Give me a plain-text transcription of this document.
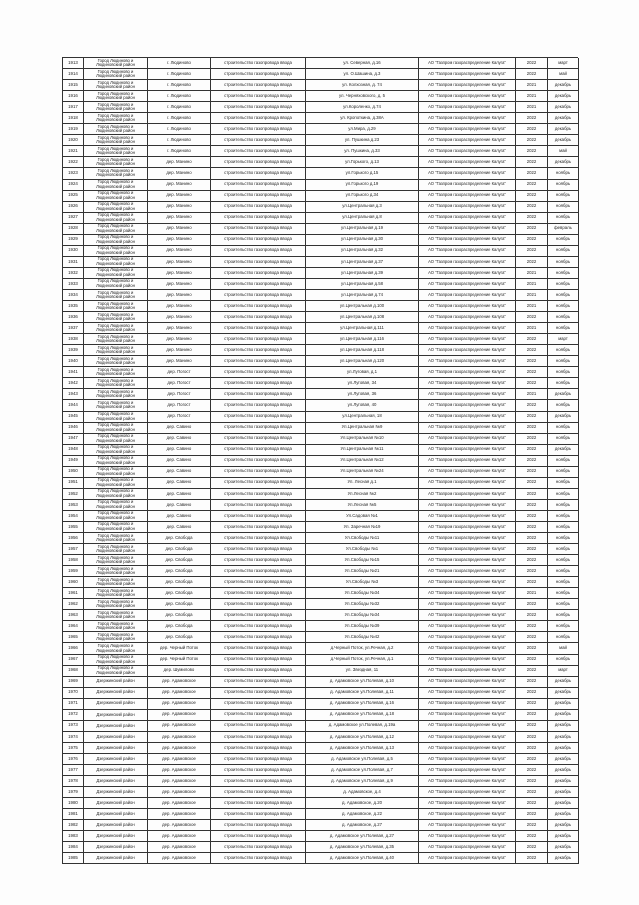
1913	Город Людиново и Людиновский район	г. Людиново	строительство газопровода ввода	ул. Северная, д.16	АО "Газпром газораспределение Калуга"	2022	март
1914	Город Людиново и Людиновский район	г. Людиново	строительство газопровода ввода	ул. О.Шашина, д.3	АО "Газпром газораспределение Калуга"	2022	май
1915	Город Людиново и Людиновский район	г. Людиново	строительство газопровода ввода	ул. Колхозная, д. 74	АО "Газпром газораспределение Калуга"	2021	декабрь
1916	Город Людиново и Людиновский район	г. Людиново	строительство газопровода ввода	ул. Черняховского, д. 5	АО "Газпром газораспределение Калуга"	2021	декабрь
1917	Город Людиново и Людиновский район	г. Людиново	строительство газопровода ввода	ул.Короленко, д.74	АО "Газпром газораспределение Калуга"	2021	декабрь
1918	Город Людиново и Людиновский район	г. Людиново	строительство газопровода ввода	ул. Кропоткина, д.38А	АО "Газпром газораспределение Калуга"	2022	декабрь
1919	Город Людиново и Людиновский район	г. Людиново	строительство газопровода ввода	ул.Мира, д.29	АО "Газпром газораспределение Калуга"	2022	декабрь
1920	Город Людиново и Людиновский район	г. Людиново	строительство газопровода ввода	ул. Пушкина д.23	АО "Газпром газораспределение Калуга"	2022	декабрь
1921	Город Людиново и Людиновский район	г. Людиново	строительство газопровода ввода	ул. Пушкина, д.33	АО "Газпром газораспределение Калуга"	2022	май
1922	Город Людиново и Людиновский район	дер. Манино	строительство газопровода ввода	ул.Горького, д.13	АО "Газпром газораспределение Калуга"	2022	декабрь
1923	Город Людиново и Людиновский район	дер. Манино	строительство газопровода ввода	ул.Горького д.15	АО "Газпром газораспределение Калуга"	2022	ноябрь
1924	Город Людиново и Людиновский район	дер. Манино	строительство газопровода ввода	ул.Горького д.19	АО "Газпром газораспределение Калуга"	2022	ноябрь
1925	Город Людиново и Людиновский район	дер. Манино	строительство газопровода ввода	ул.Горького д.34	АО "Газпром газораспределение Калуга"	2022	ноябрь
1926	Город Людиново и Людиновский район	дер. Манино	строительство газопровода ввода	ул.Центральная д.3	АО "Газпром газораспределение Калуга"	2022	ноябрь
1927	Город Людиново и Людиновский район	дер. Манино	строительство газопровода ввода	ул.Центральная д.8	АО "Газпром газораспределение Калуга"	2022	ноябрь
1928	Город Людиново и Людиновский район	дер. Манино	строительство газопровода ввода	ул.Центральная д.19	АО "Газпром газораспределение Калуга"	2022	февраль
1929	Город Людиново и Людиновский район	дер. Манино	строительство газопровода ввода	ул.Центральная д.30	АО "Газпром газораспределение Калуга"	2022	ноябрь
1930	Город Людиново и Людиновский район	дер. Манино	строительство газопровода ввода	ул.Центральная д.32	АО "Газпром газораспределение Калуга"	2022	ноябрь
1931	Город Людиново и Людиновский район	дер. Манино	строительство газопровода ввода	ул.Центральная д.37	АО "Газпром газораспределение Калуга"	2022	ноябрь
1932	Город Людиново и Людиновский район	дер. Манино	строительство газопровода ввода	ул.Центральная д.39	АО "Газпром газораспределение Калуга"	2021	ноябрь
1933	Город Людиново и Людиновский район	дер. Манино	строительство газопровода ввода	ул.Центральная д.58	АО "Газпром газораспределение Калуга"	2021	ноябрь
1934	Город Людиново и Людиновский район	дер. Манино	строительство газопровода ввода	ул.Центральная д.74	АО "Газпром газораспределение Калуга"	2021	ноябрь
1935	Город Людиново и Людиновский район	дер. Манино	строительство газопровода ввода	ул.Центральная д.100	АО "Газпром газораспределение Калуга"	2021	ноябрь
1936	Город Людиново и Людиновский район	дер. Манино	строительство газопровода ввода	ул.Центральная д.108	АО "Газпром газораспределение Калуга"	2022	ноябрь
1937	Город Людиново и Людиновский район	дер. Манино	строительство газопровода ввода	ул.Центральная д.111	АО "Газпром газораспределение Калуга"	2021	ноябрь
1938	Город Людиново и Людиновский район	дер. Манино	строительство газопровода ввода	ул.Центральная д.116	АО "Газпром газораспределение Калуга"	2022	март
1939	Город Людиново и Людиновский район	дер. Манино	строительство газопровода ввода	ул.Центральная д.118	АО "Газпром газораспределение Калуга"	2022	ноябрь
1940	Город Людиново и Людиновский район	дер. Манино	строительство газопровода ввода	ул.Центральная д.120	АО "Газпром газораспределение Калуга"	2022	ноябрь
1941	Город Людиново и Людиновский район	дер. Погост	строительство газопровода ввода	ул.Луговая, д.1	АО "Газпром газораспределение Калуга"	2022	ноябрь
1942	Город Людиново и Людиновский район	дер. Погост	строительство газопровода ввода	ул.Луговая, 34	АО "Газпром газораспределение Калуга"	2022	ноябрь
1943	Город Людиново и Людиновский район	дер. Погост	строительство газопровода ввода	ул.Луговая, 36	АО "Газпром газораспределение Калуга"	2021	декабрь
1944	Город Людиново и Людиновский район	дер. Погост	строительство газопровода ввода	ул.Луговая, 40	АО "Газпром газораспределение Калуга"	2022	ноябрь
1945	Город Людиново и Людиновский район	дер. Погост	строительство газопровода ввода	ул.Центральная, 18	АО "Газпром газораспределение Калуга"	2022	декабрь
1946	Город Людиново и Людиновский район	дер. Савино	строительство газопровода ввода	Ул.Центральная №9	АО "Газпром газораспределение Калуга"	2022	ноябрь
1947	Город Людиново и Людиновский район	дер. Савино	строительство газопровода ввода	Ул.Центральная №10	АО "Газпром газораспределение Калуга"	2022	ноябрь
1948	Город Людиново и Людиновский район	дер. Савино	строительство газопровода ввода	Ул.Центральная №11	АО "Газпром газораспределение Калуга"	2022	декабрь
1949	Город Людиново и Людиновский район	дер. Савино	строительство газопровода ввода	Ул.Центральная №12	АО "Газпром газораспределение Калуга"	2022	ноябрь
1950	Город Людиново и Людиновский район	дер. Савино	строительство газопровода ввода	Ул.Центральная №24	АО "Газпром газораспределение Калуга"	2022	ноябрь
1951	Город Людиново и Людиновский район	дер. Савино	строительство газопровода ввода	Ул. Лесная д.1	АО "Газпром газораспределение Калуга"	2022	ноябрь
1952	Город Людиново и Людиновский район	дер. Савино	строительство газопровода ввода	Ул.Лесная №2	АО "Газпром газораспределение Калуга"	2022	ноябрь
1953	Город Людиново и Людиновский район	дер. Савино	строительство газопровода ввода	Ул.Лесная №5	АО "Газпром газораспределение Калуга"	2022	ноябрь
1954	Город Людиново и Людиновский район	дер. Савино	строительство газопровода ввода	Ул.Садовая №1	АО "Газпром газораспределение Калуга"	2022	ноябрь
1955	Город Людиново и Людиновский район	дер. Савино	строительство газопровода ввода	Ул. Заречная №19	АО "Газпром газораспределение Калуга"	2022	ноябрь
1956	Город Людиново и Людиновский район	дер. Свобода	строительство газопровода ввода	Ул.Свободы №11	АО "Газпром газораспределение Калуга"	2022	ноябрь
1957	Город Людиново и Людиновский район	дер. Свобода	строительство газопровода ввода	Ул.Свободы №1	АО "Газпром газораспределение Калуга"	2022	ноябрь
1958	Город Людиново и Людиновский район	дер. Свобода	строительство газопровода ввода	Ул.Свободы №15	АО "Газпром газораспределение Калуга"	2022	ноябрь
1959	Город Людиново и Людиновский район	дер. Свобода	строительство газопровода ввода	Ул.Свободы №21	АО "Газпром газораспределение Калуга"	2022	ноябрь
1960	Город Людиново и Людиновский район	дер. Свобода	строительство газопровода ввода	Ул.Свободы №3	АО "Газпром газораспределение Калуга"	2022	ноябрь
1961	Город Людиново и Людиновский район	дер. Свобода	строительство газопровода ввода	Ул.Свободы №34	АО "Газпром газораспределение Калуга"	2021	ноябрь
1962	Город Людиново и Людиновский район	дер. Свобода	строительство газопровода ввода	Ул.Свободы №32	АО "Газпром газораспределение Калуга"	2022	ноябрь
1963	Город Людиново и Людиновский район	дер. Свобода	строительство газопровода ввода	Ул.Свободы №34	АО "Газпром газораспределение Калуга"	2022	ноябрь
1964	Город Людиново и Людиновский район	дер. Свобода	строительство газопровода ввода	Ул.Свободы №39	АО "Газпром газораспределение Калуга"	2022	ноябрь
1965	Город Людиново и Людиновский район	дер. Свобода	строительство газопровода ввода	Ул.Свободы №42	АО "Газпром газораспределение Калуга"	2022	ноябрь
1966	Город Людиново и Людиновский район	дер. Черный Поток	строительство газопровода ввода	д.Черный Поток, ул.Речная, д.2	АО "Газпром газораспределение Калуга"	2022	май
1967	Город Людиново и Людиновский район	дер. Черный Поток	строительство газопровода ввода	д.Черный Поток, ул.Речная, д.1	АО "Газпром газораспределение Калуга"	2022	ноябрь
1968	Город Людиново и Людиновский район	дер. Шумилово	строительство газопровода ввода	ул. Звездная, 11	АО "Газпром газораспределение Калуга"	2022	март
1969	Дзержинский район	дер. Адамовское	строительство газопровода ввода	д. Адамовское ул.Полевая, д.10	АО "Газпром газораспределение Калуга"	2022	декабрь
1970	Дзержинский район	дер. Адамовское	строительство газопровода ввода	д. Адамовское ул.Полевая, д.11	АО "Газпром газораспределение Калуга"	2022	декабрь
1971	Дзержинский район	дер. Адамовское	строительство газопровода ввода	д. Адамовское ул.Полевая, д.16	АО "Газпром газораспределение Калуга"	2022	декабрь
1972	Дзержинский район	дер. Адамовское	строительство газопровода ввода	д. Адамовское ул.Полевая, д.18	АО "Газпром газораспределение Калуга"	2022	декабрь
1973	Дзержинский район	дер. Адамовское	строительство газопровода ввода	д. Адамовское ул.Полевая, д.19а	АО "Газпром газораспределение Калуга"	2022	декабрь
1974	Дзержинский район	дер. Адамовское	строительство газопровода ввода	д. Адамовское ул.Полевая, д.12	АО "Газпром газораспределение Калуга"	2022	декабрь
1975	Дзержинский район	дер. Адамовское	строительство газопровода ввода	д. Адамовское ул.Полевая, д.13	АО "Газпром газораспределение Калуга"	2022	декабрь
1976	Дзержинский район	дер. Адамовское	строительство газопровода ввода	д. Адамовское ул.Полевая, д.5	АО "Газпром газораспределение Калуга"	2022	декабрь
1977	Дзержинский район	дер. Адамовское	строительство газопровода ввода	д. Адамовское ул.Полевая, д.7	АО "Газпром газораспределение Калуга"	2022	декабрь
1978	Дзержинский район	дер. Адамовское	строительство газопровода ввода	д. Адамовское ул.Полевая, д.9	АО "Газпром газораспределение Калуга"	2022	декабрь
1979	Дзержинский район	дер. Адамовское	строительство газопровода ввода	д. Адамовское, д.4	АО "Газпром газораспределение Калуга"	2022	декабрь
1980	Дзержинский район	дер. Адамовское	строительство газопровода ввода	д. Адамовское, д.20	АО "Газпром газораспределение Калуга"	2022	декабрь
1981	Дзержинский район	дер. Адамовское	строительство газопровода ввода	д. Адамовское, д.22	АО "Газпром газораспределение Калуга"	2022	декабрь
1982	Дзержинский район	дер. Адамовское	строительство газопровода ввода	д. Адамовское, д.27	АО "Газпром газораспределение Калуга"	2022	декабрь
1983	Дзержинский район	дер. Адамовское	строительство газопровода ввода	д. Адамовское ул.Полевая, д.27	АО "Газпром газораспределение Калуга"	2022	декабрь
1984	Дзержинский район	дер. Адамовское	строительство газопровода ввода	д. Адамовское ул.Полевая, д.35	АО "Газпром газораспределение Калуга"	2022	декабрь
1985	Дзержинский район	дер. Адамовское	строительство газопровода ввода	д. Адамовское ул.Полевая, д.40	АО "Газпром газораспределение Калуга"	2022	декабрь
